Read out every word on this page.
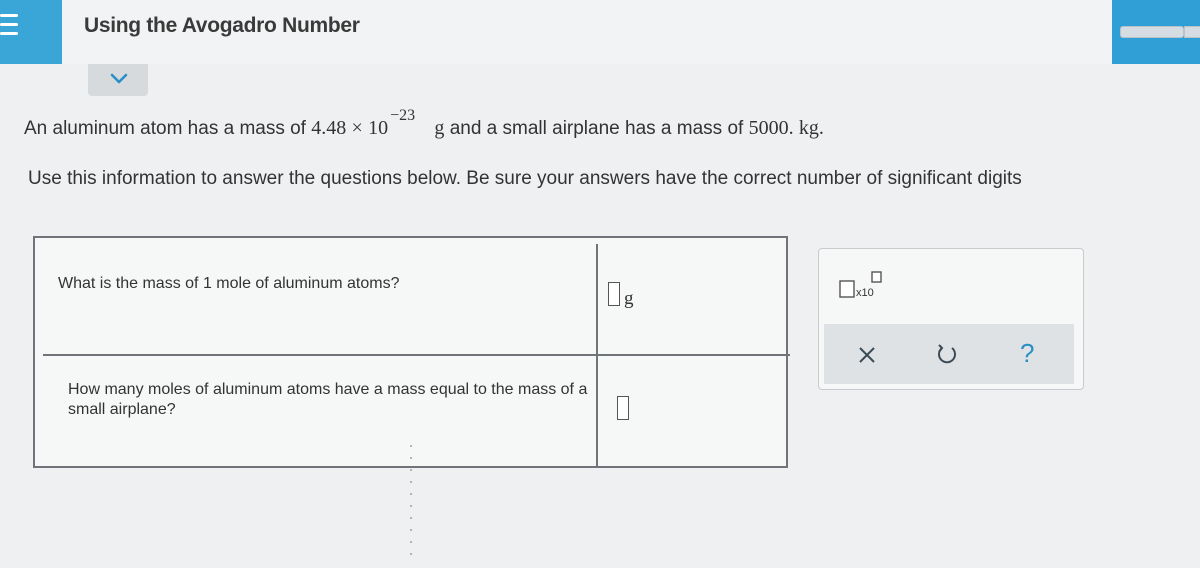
Using the Avogadro Number
An aluminum atom has a mass of $4.48 \times 10^{-23}$ g and a small airplane has a mass of 5000. kg.
Use this information to answer the questions below. Be sure your answers have the correct number of significant digits
What is the mass of 1 mole of aluminum atoms?
g
How many moles of aluminum atoms have a mass equal to the mass of a small airplane?
x10
?
